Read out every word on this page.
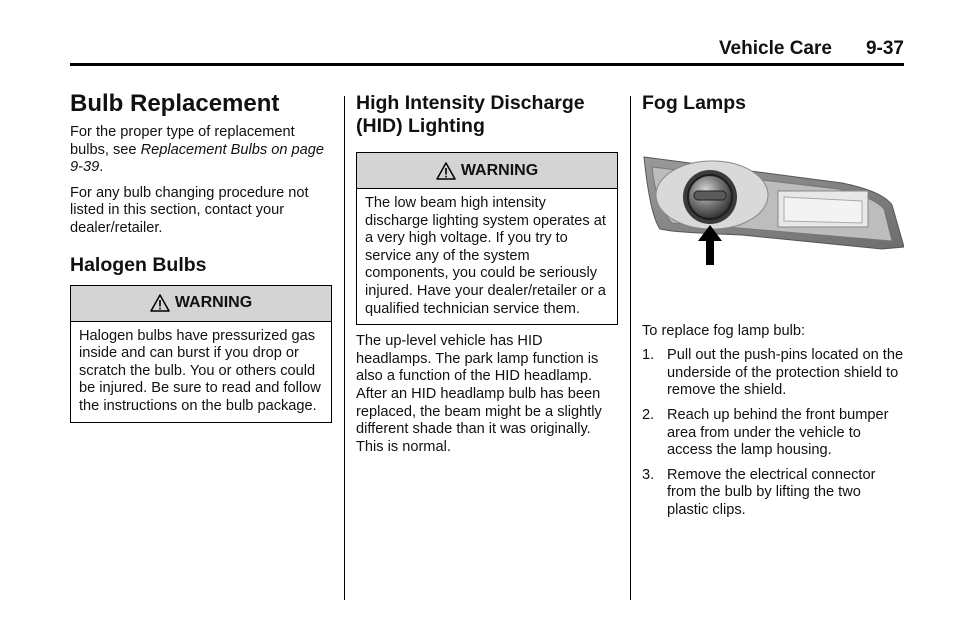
Vehicle Care 9-37
Bulb Replacement

For the proper type of replacement bulbs, see Replacement Bulbs on page 9-39.

For any bulb changing procedure not listed in this section, contact your dealer/retailer.

Halogen Bulbs
WARNING
Halogen bulbs have pressurized gas inside and can burst if you drop or scratch the bulb. You or others could be injured. Be sure to read and follow the instructions on the bulb package.
High Intensity Discharge (HID) Lighting
WARNING
The low beam high intensity discharge lighting system operates at a very high voltage. If you try to service any of the system components, you could be seriously injured. Have your dealer/retailer or a qualified technician service them.

The up-level vehicle has HID headlamps. The park lamp function is also a function of the HID headlamp. After an HID headlamp bulb has been replaced, the beam might be a slightly different shade than it was originally. This is normal.

Fog Lamps

To replace fog lamp bulb:

1. Pull out the push-pins located on the underside of the protection shield to remove the shield.
2. Reach up behind the front bumper area from under the vehicle to access the lamp housing.
3. Remove the electrical connector from the bulb by lifting the two plastic clips.
